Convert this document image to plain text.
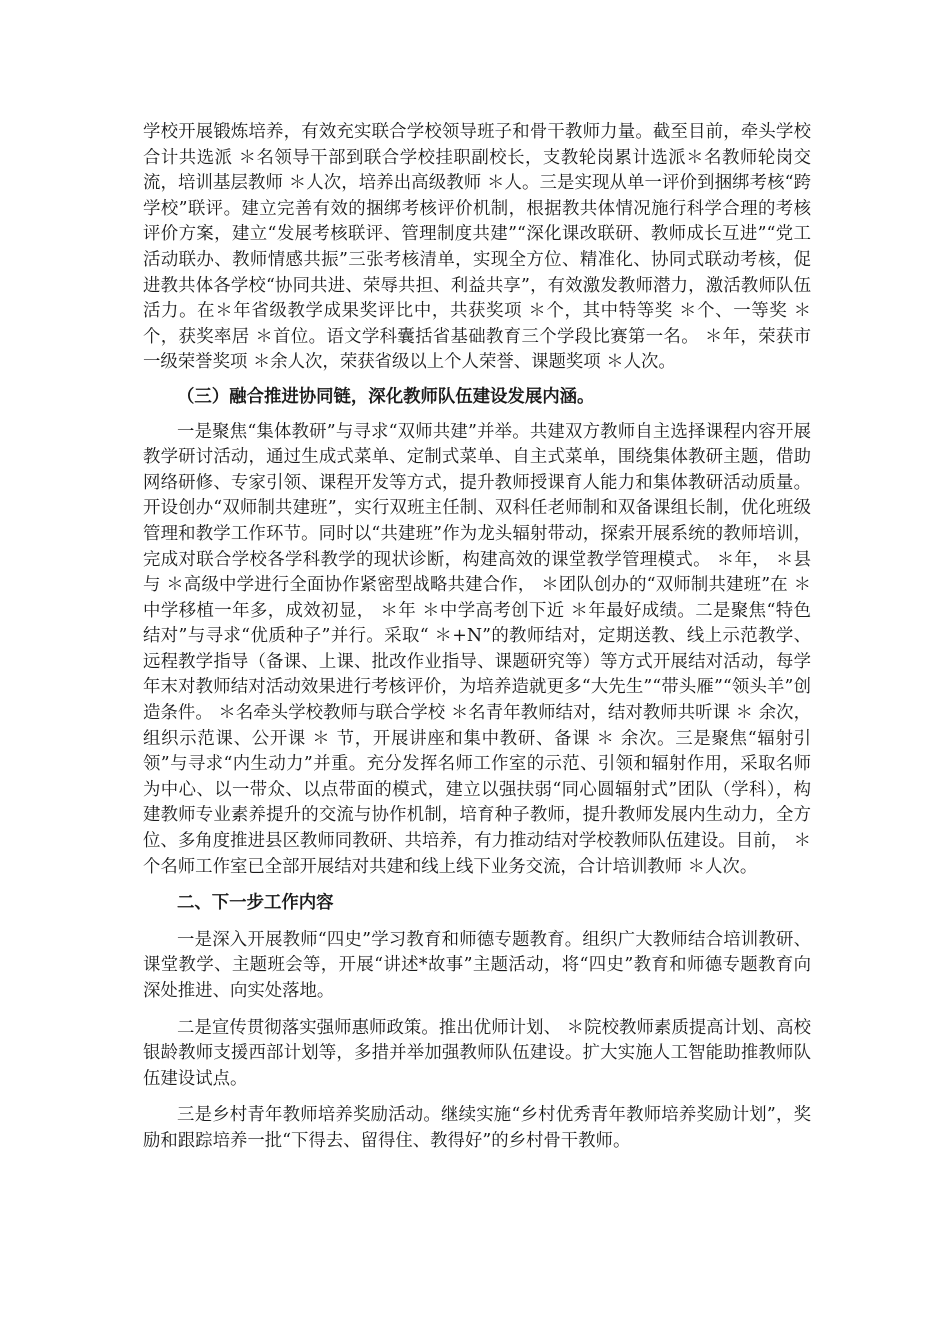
学校开展锻炼培养，有效充实联合学校领导班子和骨干教师力量。截至目前，牵头学校合计共选派 ＊名领导干部到联合学校挂职副校长，支教轮岗累计选派＊名教师轮岗交流，培训基层教师 ＊人次，培养出高级教师 ＊人。三是实现从单一评价到捆绑考核“跨学校”联评。建立完善有效的捆绑考核评价机制，根据教共体情况施行科学合理的考核评价方案，建立“发展考核联评、管理制度共建”“深化课改联研、教师成长互进”“党工活动联办、教师情感共振”三张考核清单，实现全方位、精准化、协同式联动考核，促进教共体各学校“协同共进、荣辱共担、利益共享”，有效激发教师潜力，激活教师队伍活力。在＊年省级教学成果奖评比中，共获奖项 ＊个，其中特等奖 ＊个、一等奖 ＊个，获奖率居 ＊首位。语文学科囊括省基础教育三个学段比赛第一名。 ＊年，荣获市一级荣誉奖项 ＊余人次，荣获省级以上个人荣誉、课题奖项 ＊人次。

（三）融合推进协同链，深化教师队伍建设发展内涵。

一是聚焦“集体教研”与寻求“双师共建”并举。共建双方教师自主选择课程内容开展教学研讨活动，通过生成式菜单、定制式菜单、自主式菜单，围绕集体教研主题，借助网络研修、专家引领、课程开发等方式，提升教师授课育人能力和集体教研活动质量。开设创办“双师制共建班”，实行双班主任制、双科任老师制和双备课组长制，优化班级管理和教学工作环节。同时以“共建班”作为龙头辐射带动，探索开展系统的教师培训，完成对联合学校各学科教学的现状诊断，构建高效的课堂教学管理模式。 ＊年， ＊县与 ＊高级中学进行全面协作紧密型战略共建合作， ＊团队创办的“双师制共建班”在 ＊中学移植一年多，成效初显， ＊年 ＊中学高考创下近 ＊年最好成绩。二是聚焦“特色结对”与寻求“优质种子”并行。采取“ ＊+N”的教师结对，定期送教、线上示范教学、远程教学指导（备课、上课、批改作业指导、课题研究等）等方式开展结对活动，每学年末对教师结对活动效果进行考核评价，为培养造就更多“大先生”“带头雁”“领头羊”创造条件。 ＊名牵头学校教师与联合学校 ＊名青年教师结对，结对教师共听课 ＊ 余次，组织示范课、公开课 ＊ 节，开展讲座和集中教研、备课 ＊ 余次。三是聚焦“辐射引领”与寻求“内生动力”并重。充分发挥名师工作室的示范、引领和辐射作用，采取名师为中心、以一带众、以点带面的模式，建立以强扶弱“同心圆辐射式”团队（学科），构建教师专业素养提升的交流与协作机制，培育种子教师，提升教师发展内生动力，全方位、多角度推进县区教师同教研、共培养，有力推动结对学校教师队伍建设。目前， ＊个名师工作室已全部开展结对共建和线上线下业务交流，合计培训教师 ＊人次。

二、下一步工作内容

一是深入开展教师“四史”学习教育和师德专题教育。组织广大教师结合培训教研、课堂教学、主题班会等，开展“讲述*故事”主题活动，将“四史”教育和师德专题教育向深处推进、向实处落地。

二是宣传贯彻落实强师惠师政策。推出优师计划、 ＊院校教师素质提高计划、高校银龄教师支援西部计划等，多措并举加强教师队伍建设。扩大实施人工智能助推教师队伍建设试点。

三是乡村青年教师培养奖励活动。继续实施“乡村优秀青年教师培养奖励计划”，奖励和跟踪培养一批“下得去、留得住、教得好”的乡村骨干教师。
